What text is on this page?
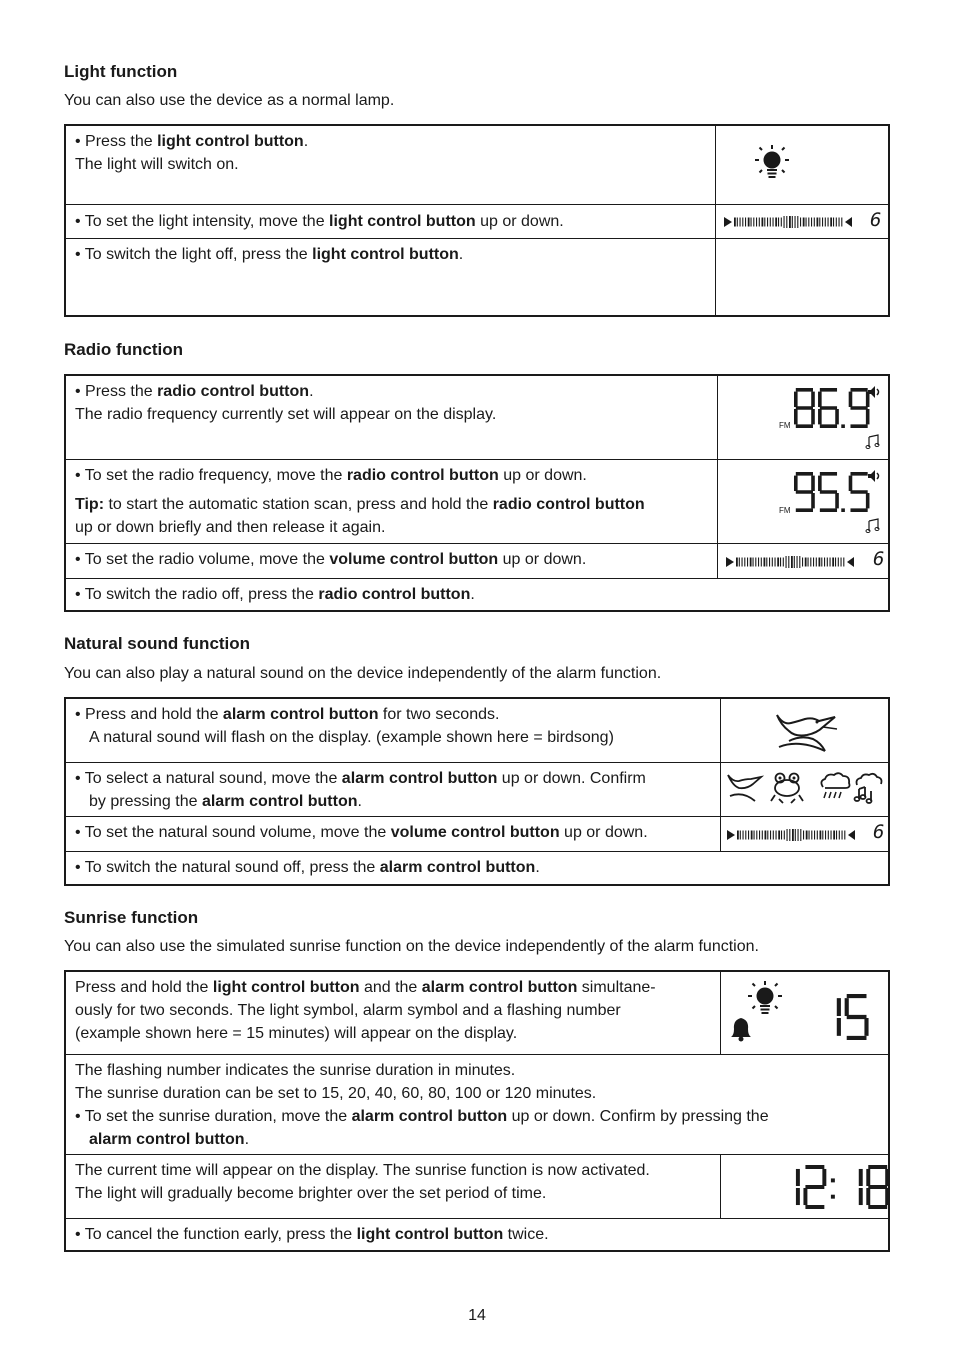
Light function

You can also use the device as a normal lamp.

• Press the light control button.
The light will switch on.
• To set the light intensity, move the light control button up or down.	6
• To switch the light off, press the light control button.
Radio function
• Press the radio control button.
The radio frequency currently set will appear on the display.
FM
• To set the radio frequency, move the radio control button up or down.
Tip: to start the automatic station scan, press and hold the radio control button
up or down briefly and then release it again.
FM
• To set the radio volume, move the volume control button up or down.	6
• To switch the radio off, press the radio control button.
Natural sound function

You can also play a natural sound on the device independently of the alarm function.

• Press and hold the alarm control button for two seconds.
A natural sound will flash on the display. (example shown here = birdsong)
• To select a natural sound, move the alarm control button up or down. Confirm
by pressing the alarm control button.
• To set the natural sound volume, move the volume control button up or down.	6
• To switch the natural sound off, press the alarm control button.
Sunrise function

You can also use the simulated sunrise function on the device independently of the alarm function.

Press and hold the light control button and the alarm control button simultane-
ously for two seconds. The light symbol, alarm symbol and a flashing number
(example shown here = 15 minutes) will appear on the display.
The flashing number indicates the sunrise duration in minutes.
The sunrise duration can be set to 15, 20, 40, 60, 80, 100 or 120 minutes.
• To set the sunrise duration, move the alarm control button up or down. Confirm by pressing the
alarm control button.
The current time will appear on the display. The sunrise function is now activated.
The light will gradually become brighter over the set period of time.
• To cancel the function early, press the light control button twice.
14
